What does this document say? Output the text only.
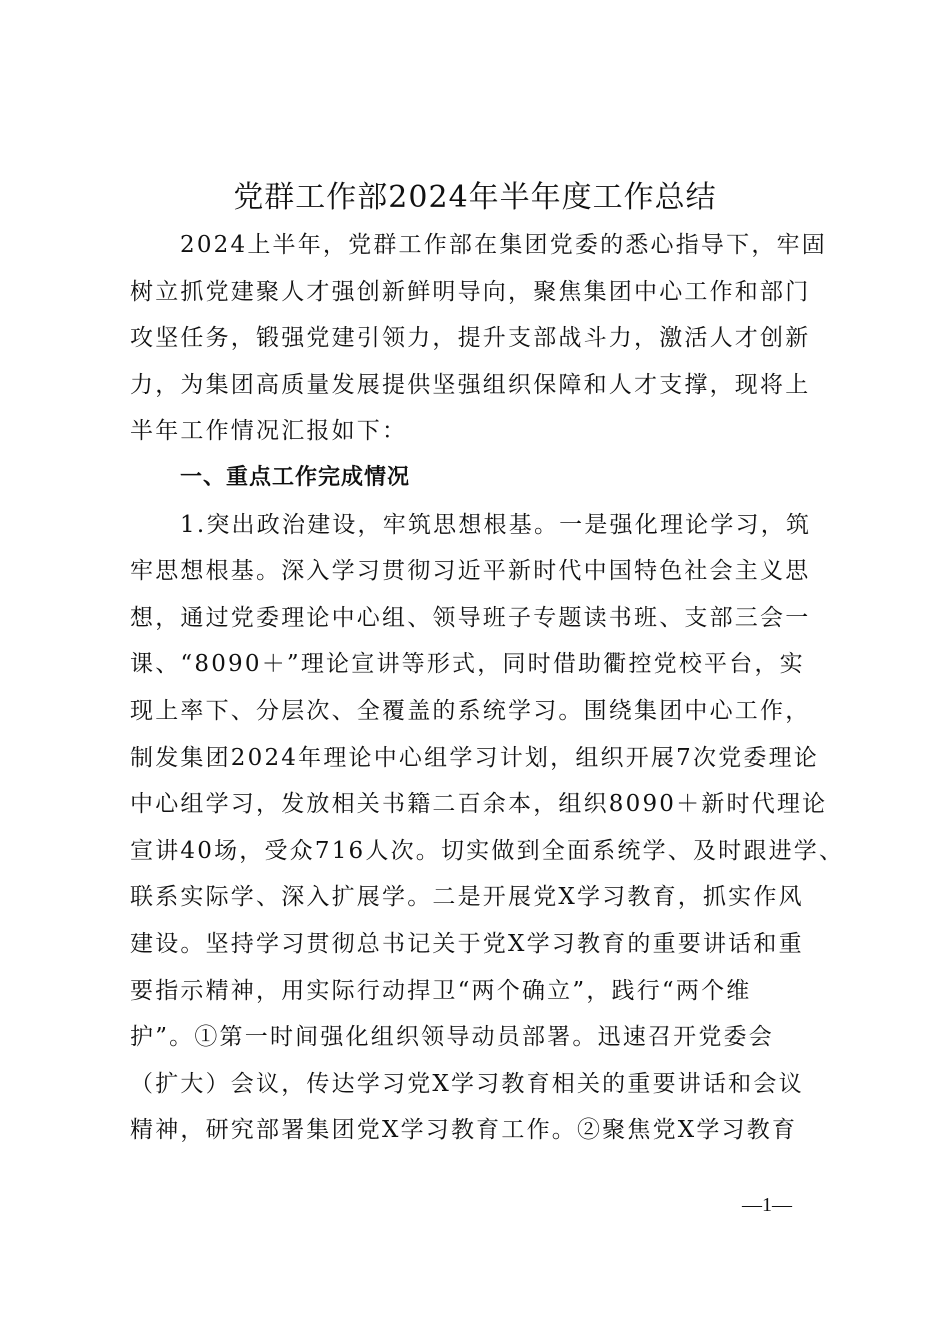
党群工作部2024年半年度工作总结

2024上半年，党群工作部在集团党委的悉心指导下，牢固
树立抓党建聚人才强创新鲜明导向，聚焦集团中心工作和部门
攻坚任务，锻强党建引领力，提升支部战斗力，激活人才创新
力，为集团高质量发展提供坚强组织保障和人才支撑，现将上
半年工作情况汇报如下：

一、重点工作完成情况

1.突出政治建设，牢筑思想根基。一是强化理论学习，筑
牢思想根基。深入学习贯彻习近平新时代中国特色社会主义思
想，通过党委理论中心组、领导班子专题读书班、支部三会一
课、“8090＋”理论宣讲等形式，同时借助衢控党校平台，实
现上率下、分层次、全覆盖的系统学习。围绕集团中心工作，
制发集团2024年理论中心组学习计划，组织开展7次党委理论
中心组学习，发放相关书籍二百余本，组织8090＋新时代理论
宣讲40场，受众716人次。切实做到全面系统学、及时跟进学、
联系实际学、深入扩展学。二是开展党X学习教育，抓实作风
建设。坚持学习贯彻总书记关于党X学习教育的重要讲话和重
要指示精神，用实际行动捍卫“两个确立”，践行“两个维
护”。①第一时间强化组织领导动员部署。迅速召开党委会
（扩大）会议，传达学习党X学习教育相关的重要讲话和会议
精神，研究部署集团党X学习教育工作。②聚焦党X学习教育

—1—
